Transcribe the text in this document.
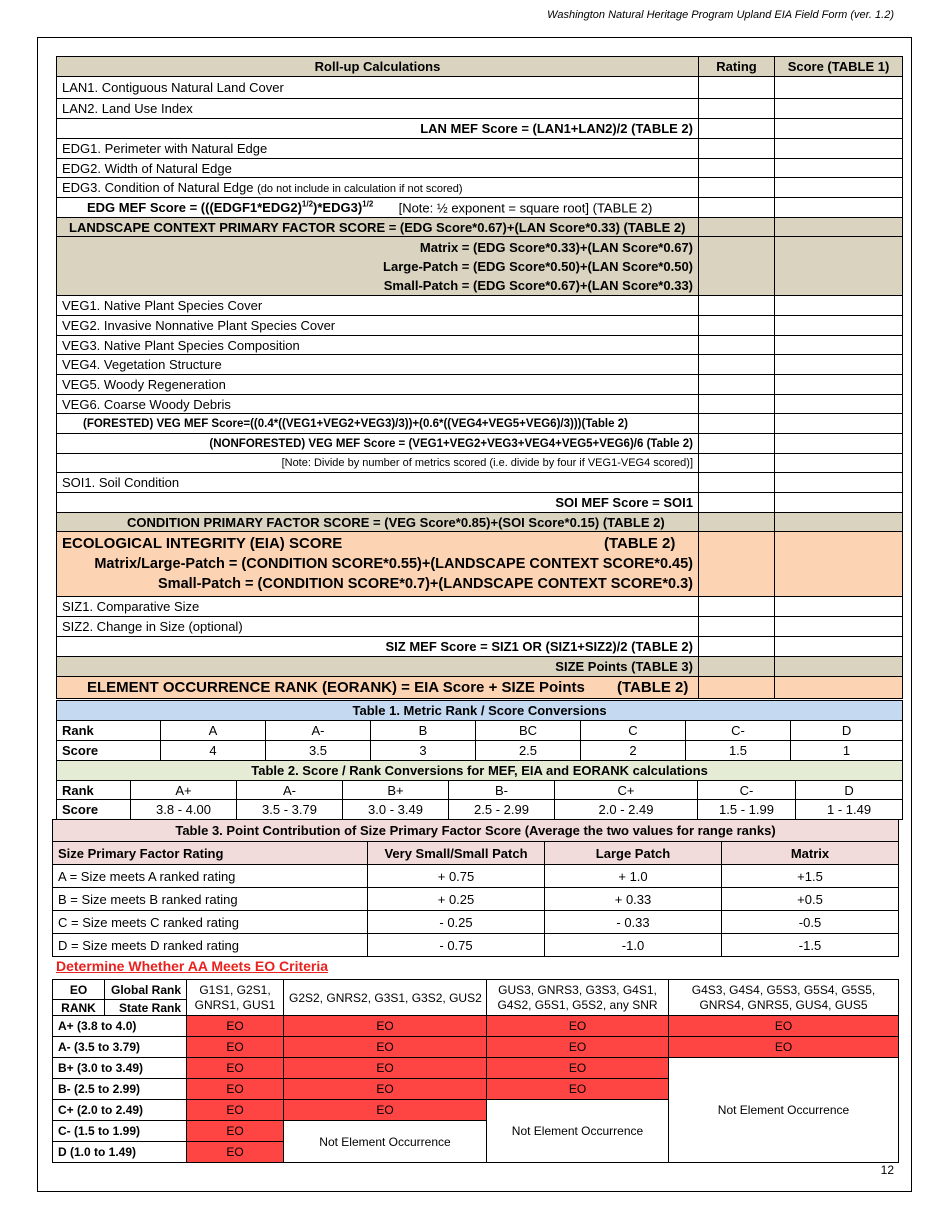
Washington Natural Heritage Program Upland EIA Field Form (ver. 1.2)
Roll-up Calculations	Rating	Score (TABLE 1)
LAN1. Contiguous Natural Land Cover		
LAN2. Land Use Index		
LAN MEF Score = (LAN1+LAN2)/2 (TABLE 2)		
EDG1. Perimeter with Natural Edge		
EDG2. Width of Natural Edge		
EDG3. Condition of Natural Edge (do not include in calculation if not scored)		
EDG MEF Score = (((EDGF1*EDG2)$^{1/2}$)*EDG3)$^{1/2}$ [Note: ½ exponent = square root] (TABLE 2)		
LANDSCAPE CONTEXT PRIMARY FACTOR SCORE = (EDG Score*0.67)+(LAN Score*0.33) (TABLE 2)		

Matrix = (EDG Score*0.33)+(LAN Score*0.67)
Large-Patch = (EDG Score*0.50)+(LAN Score*0.50)
Small-Patch = (EDG Score*0.67)+(LAN Score*0.33)		

VEG1. Native Plant Species Cover		
VEG2. Invasive Nonnative Plant Species Cover		
VEG3. Native Plant Species Composition		
VEG4. Vegetation Structure		
VEG5. Woody Regeneration		
VEG6. Coarse Woody Debris		
(FORESTED) VEG MEF Score=((0.4*((VEG1+VEG2+VEG3)/3))+(0.6*((VEG4+VEG5+VEG6)/3)))(Table 2)		
(NONFORESTED) VEG MEF Score = (VEG1+VEG2+VEG3+VEG4+VEG5+VEG6)/6 (Table 2)		
[Note: Divide by number of metrics scored (i.e. divide by four if VEG1-VEG4 scored)]		
SOI1. Soil Condition		
SOI MEF Score = SOI1		
CONDITION PRIMARY FACTOR SCORE = (VEG Score*0.85)+(SOI Score*0.15) (TABLE 2)		

ECOLOGICAL INTEGRITY (EIA) SCORE (TABLE 2)
Matrix/Large-Patch = (CONDITION SCORE*0.55)+(LANDSCAPE CONTEXT SCORE*0.45)
Small-Patch = (CONDITION SCORE*0.7)+(LANDSCAPE CONTEXT SCORE*0.3)		

SIZ1. Comparative Size		
SIZ2. Change in Size (optional)		
SIZ MEF Score = SIZ1 OR (SIZ1+SIZ2)/2 (TABLE 2)		
SIZE Points (TABLE 3)		
ELEMENT OCCURRENCE RANK (EORANK) = EIA Score + SIZE Points (TABLE 2)		

Table 1. Metric Rank / Score Conversions							
Rank	A	A-	B	BC	C	C-	D
Score	4	3.5	3	2.5	2	1.5	1
Table 2. Score / Rank Conversions for MEF, EIA and EORANK calculations							
Rank	A+	A-	B+	B-	C+	C-	D
Score	3.8 - 4.00	3.5 - 3.79	3.0 - 3.49	2.5 - 2.99	2.0 - 2.49	1.5 - 1.99	1 - 1.49
Table 3. Point Contribution of Size Primary Factor Score (Average the two values for range ranks)			
Size Primary Factor Rating	Very Small/Small Patch	Large Patch	Matrix
A = Size meets A ranked rating	+ 0.75	+ 1.0	+1.5
B = Size meets B ranked rating	+ 0.25	+ 0.33	+0.5
C = Size meets C ranked rating	- 0.25	- 0.33	-0.5
D = Size meets D ranked rating	- 0.75	-1.0	-1.5
Determine Whether AA Meets EO Criteria
EO	Global Rank	G1S1, G2S1, GNRS1, GUS1	G2S2, GNRS2, G3S1, G3S2, GUS2	GUS3, GNRS3, G3S3, G4S1, G4S2, G5S1, G5S2, any SNR	G4S3, G4S4, G5S3, G5S4, G5S5, GNRS4, GNRS5, GUS4, GUS5
RANK	State Rank				
A+ (3.8 to 4.0)		EO	EO	EO	EO
A- (3.5 to 3.79)		EO	EO	EO	EO
B+ (3.0 to 3.49)		EO	EO	EO	Not Element Occurrence
B- (2.5 to 2.99)		EO	EO	EO	
C+ (2.0 to 2.49)		EO	EO	Not Element Occurrence	
C- (1.5 to 1.99)		EO	Not Element Occurrence		
D (1.0 to 1.49)		EO			
12
